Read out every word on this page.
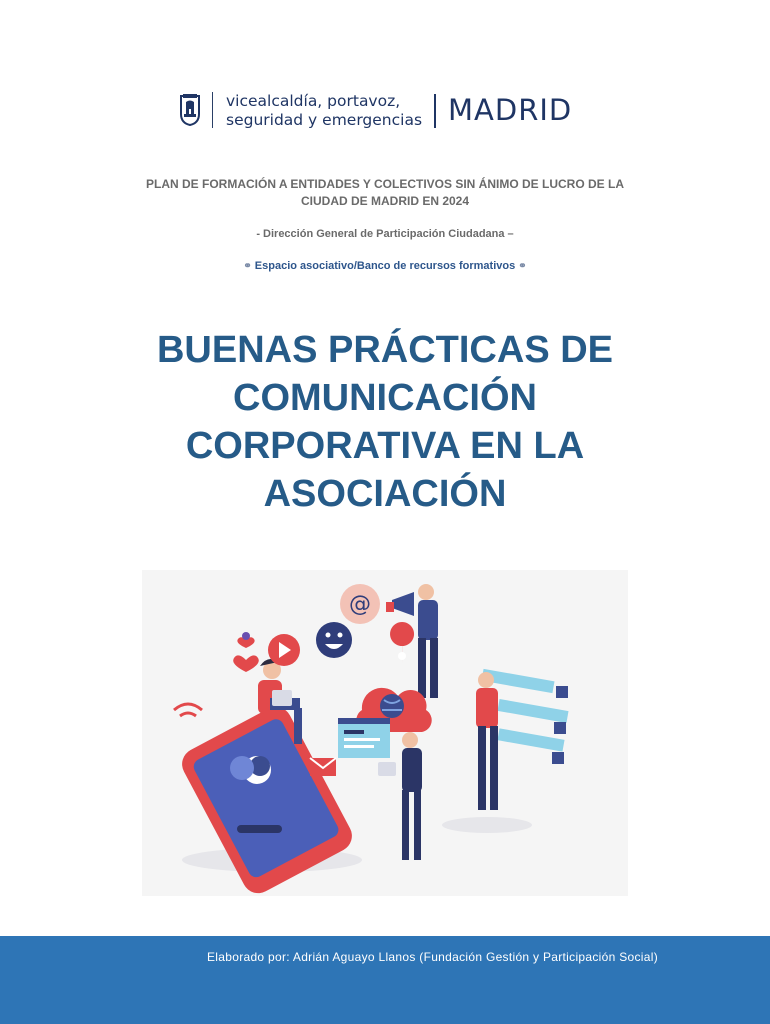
vicealcaldía, portavoz,
seguridad y emergencias MADRID
PLAN DE FORMACIÓN A ENTIDADES Y COLECTIVOS SIN ÁNIMO DE LUCRO DE LA
CIUDAD DE MADRID EN 2024
- Dirección General de Participación Ciudadana –
⚭ Espacio asociativo/Banco de recursos formativos ⚭
BUENAS PRÁCTICAS DE
COMUNICACIÓN
CORPORATIVA EN LA
ASOCIACIÓN
@
Elaborado por: Adrián Aguayo Llanos (Fundación Gestión y Participación Social)
